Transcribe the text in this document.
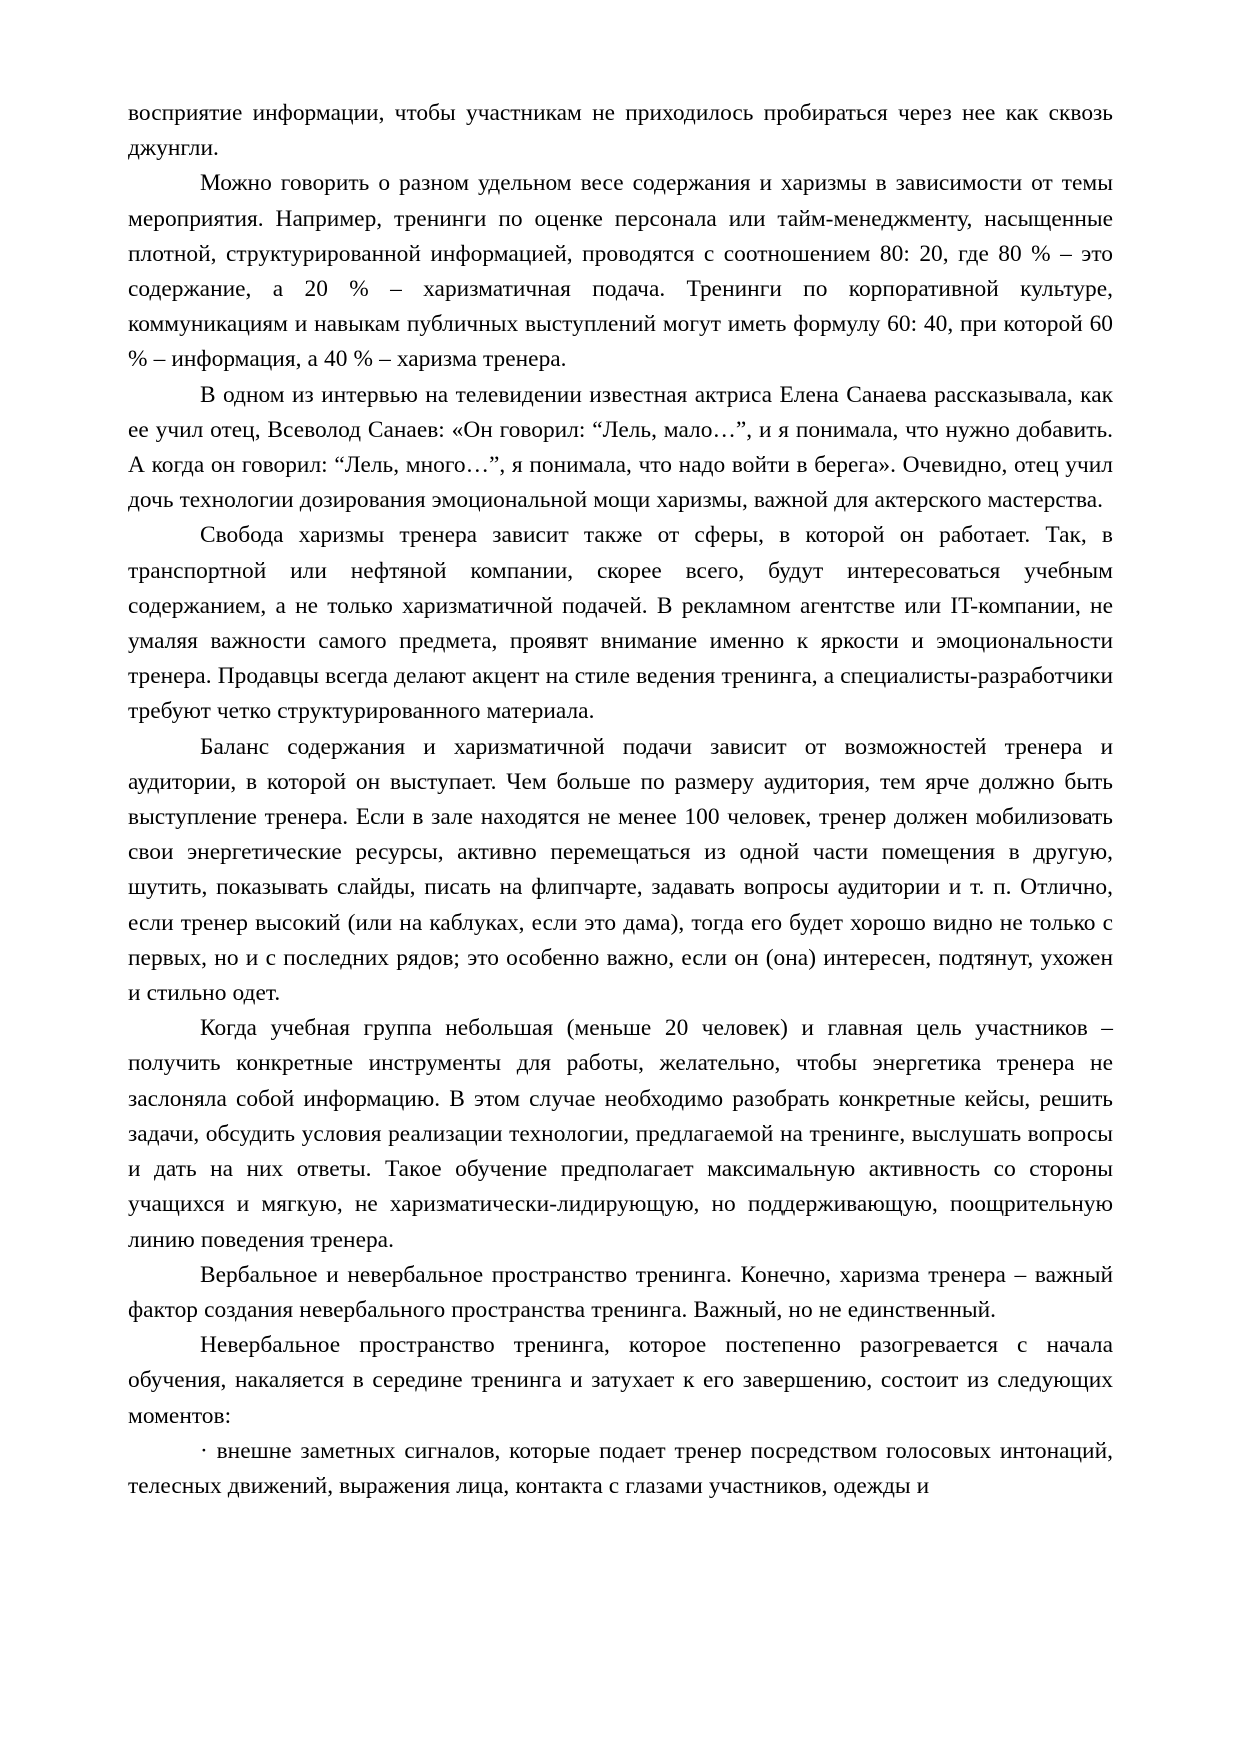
восприятие информации, чтобы участникам не приходилось пробираться через нее как сквозь джунгли.

Можно говорить о разном удельном весе содержания и харизмы в зависимости от темы мероприятия. Например, тренинги по оценке персонала или тайм-менеджменту, насыщенные плотной, структурированной информацией, проводятся с соотношением 80: 20, где 80 % – это содержание, а 20 % – харизматичная подача. Тренинги по корпоративной культуре, коммуникациям и навыкам публичных выступлений могут иметь формулу 60: 40, при которой 60 % – информация, а 40 % – харизма тренера.

В одном из интервью на телевидении известная актриса Елена Санаева рассказывала, как ее учил отец, Всеволод Санаев: «Он говорил: “Лель, мало…”, и я понимала, что нужно добавить. А когда он говорил: “Лель, много…”, я понимала, что надо войти в берега». Очевидно, отец учил дочь технологии дозирования эмоциональной мощи харизмы, важной для актерского мастерства.

Свобода харизмы тренера зависит также от сферы, в которой он работает. Так, в транспортной или нефтяной компании, скорее всего, будут интересоваться учебным содержанием, а не только харизматичной подачей. В рекламном агентстве или IT-компании, не умаляя важности самого предмета, проявят внимание именно к яркости и эмоциональности тренера. Продавцы всегда делают акцент на стиле ведения тренинга, а специалисты-разработчики требуют четко структурированного материала.

Баланс содержания и харизматичной подачи зависит от возможностей тренера и аудитории, в которой он выступает. Чем больше по размеру аудитория, тем ярче должно быть выступление тренера. Если в зале находятся не менее 100 человек, тренер должен мобилизовать свои энергетические ресурсы, активно перемещаться из одной части помещения в другую, шутить, показывать слайды, писать на флипчарте, задавать вопросы аудитории и т. п. Отлично, если тренер высокий (или на каблуках, если это дама), тогда его будет хорошо видно не только с первых, но и с последних рядов; это особенно важно, если он (она) интересен, подтянут, ухожен и стильно одет.

Когда учебная группа небольшая (меньше 20 человек) и главная цель участников – получить конкретные инструменты для работы, желательно, чтобы энергетика тренера не заслоняла собой информацию. В этом случае необходимо разобрать конкретные кейсы, решить задачи, обсудить условия реализации технологии, предлагаемой на тренинге, выслушать вопросы и дать на них ответы. Такое обучение предполагает максимальную активность со стороны учащихся и мягкую, не харизматически-лидирующую, но поддерживающую, поощрительную линию поведения тренера.

Вербальное и невербальное пространство тренинга. Конечно, харизма тренера – важный фактор создания невербального пространства тренинга. Важный, но не единственный.

Невербальное пространство тренинга, которое постепенно разогревается с начала обучения, накаляется в середине тренинга и затухает к его завершению, состоит из следующих моментов:

· внешне заметных сигналов, которые подает тренер посредством голосовых интонаций, телесных движений, выражения лица, контакта с глазами участников, одежды и
